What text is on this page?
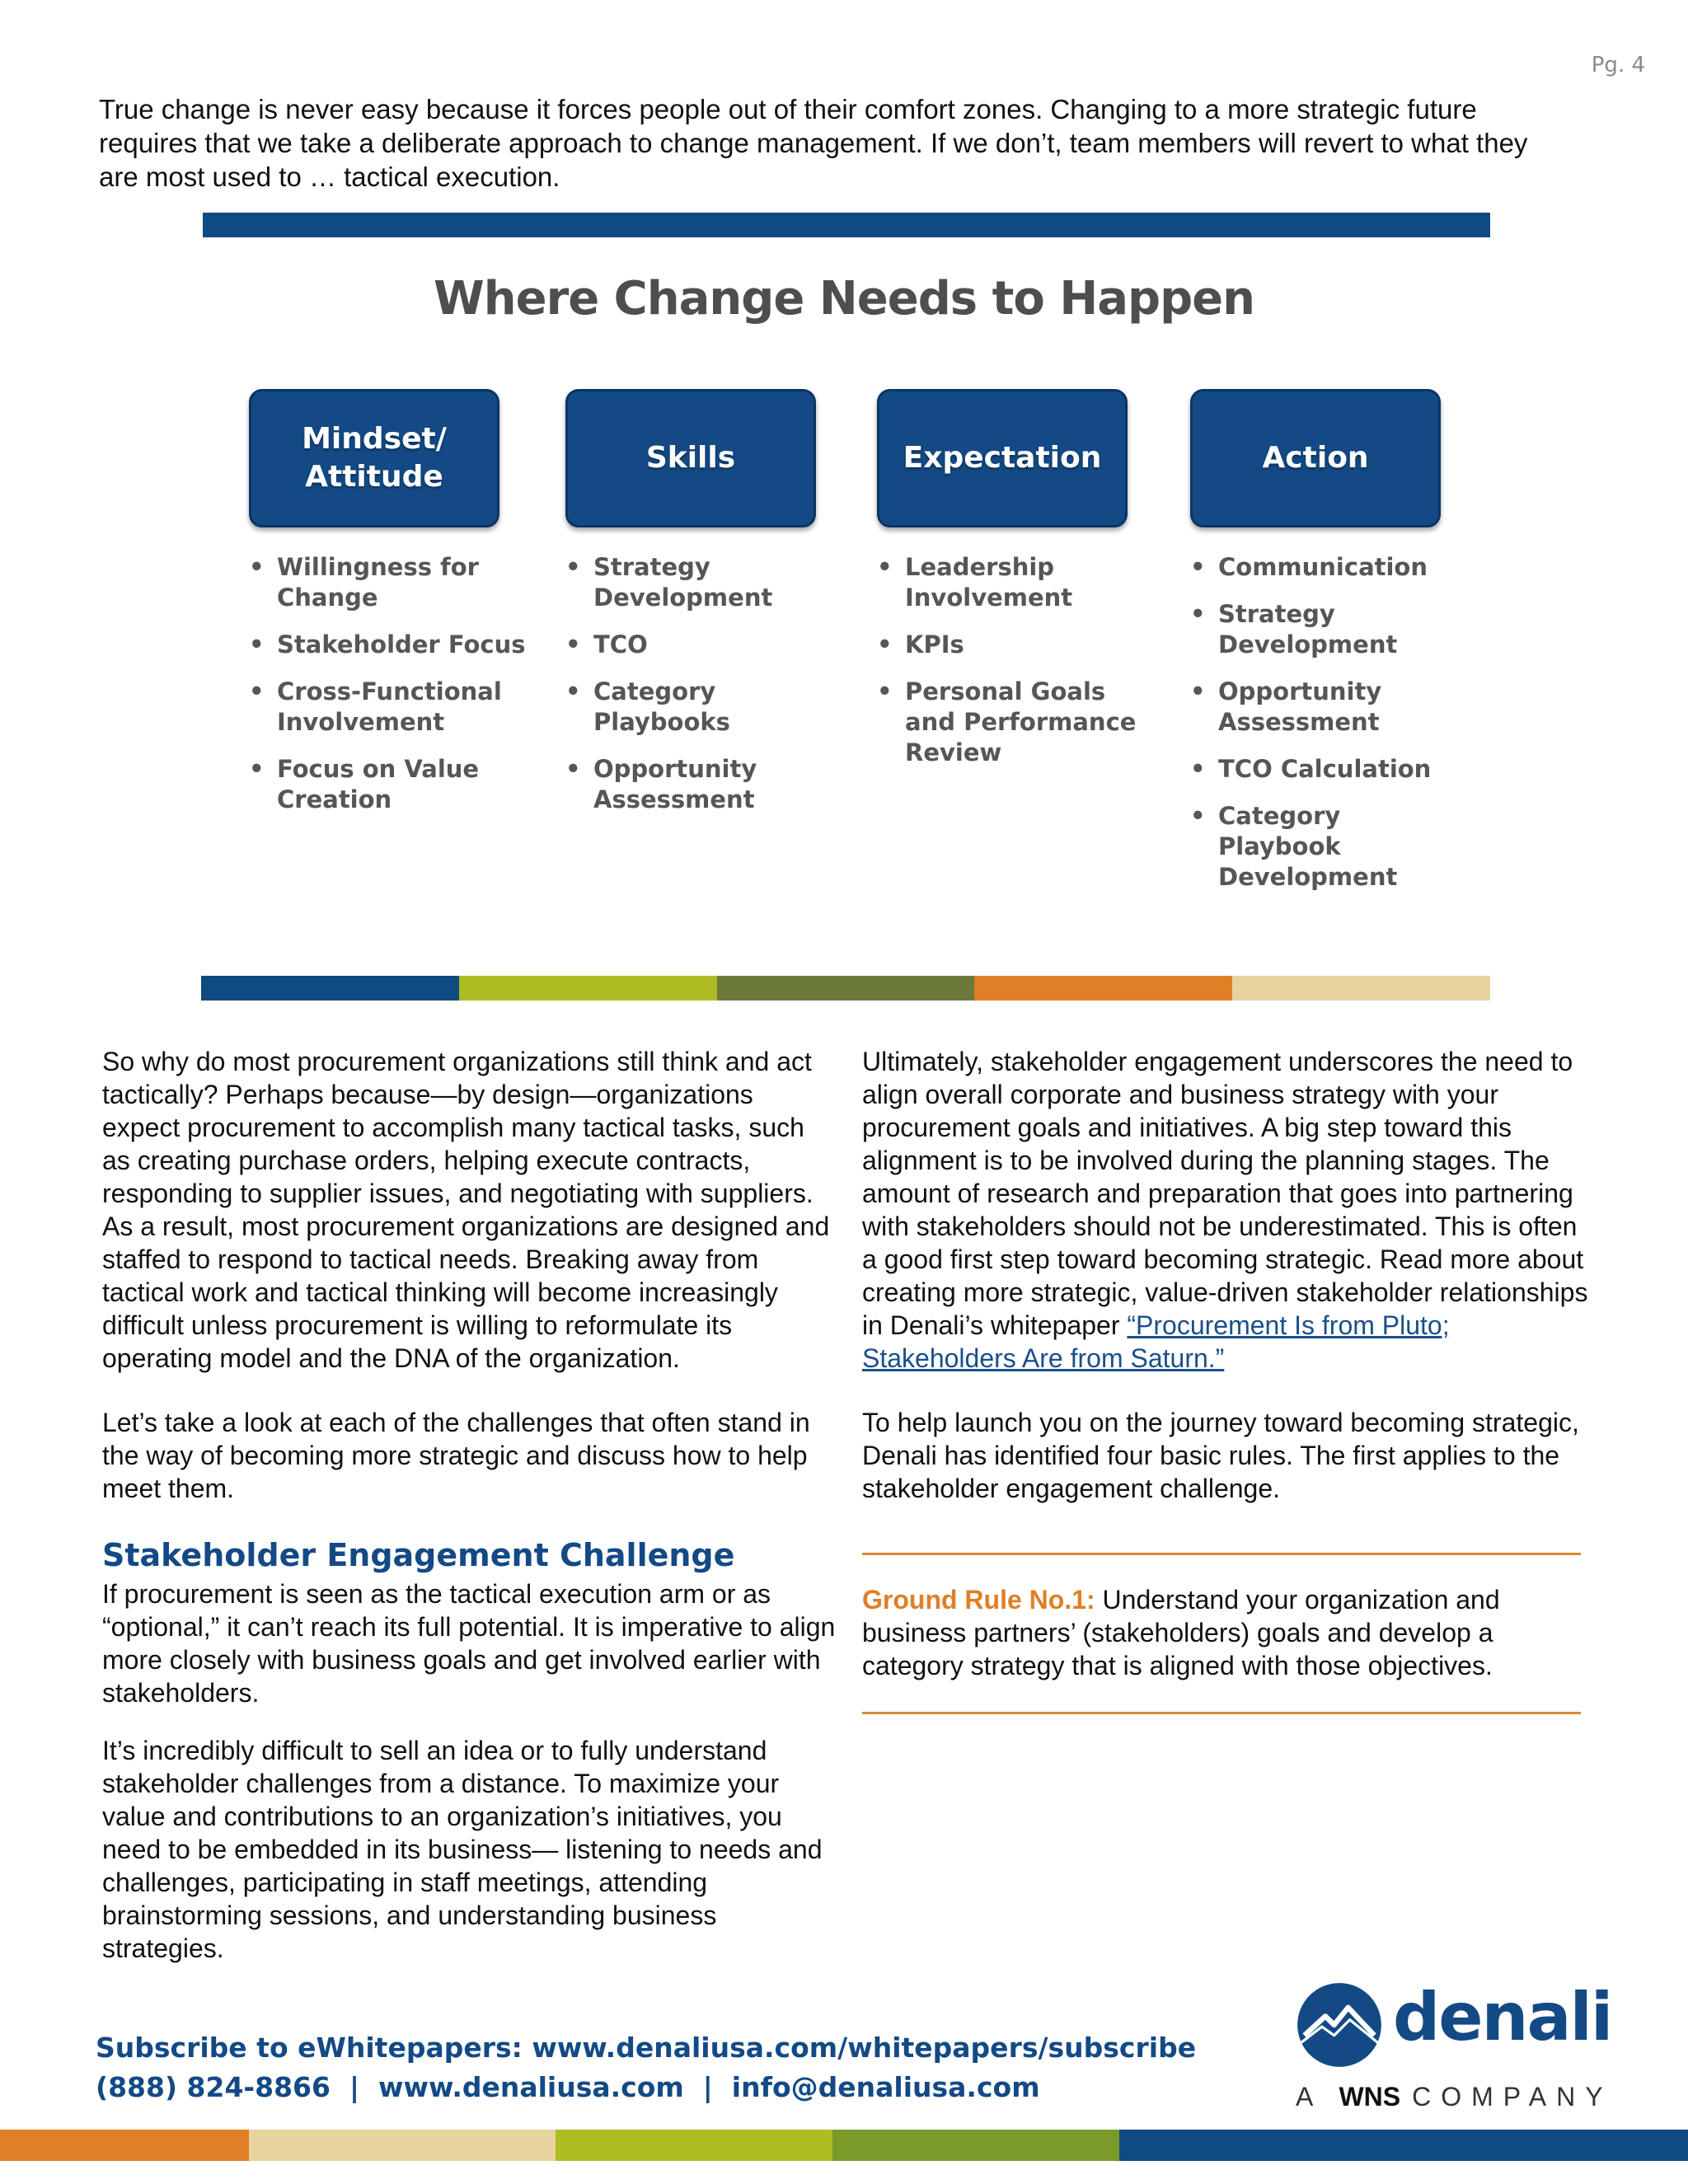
Pg. 4
True change is never easy because it forces people out of their comfort zones. Changing to a more strategic future requires that we take a deliberate approach to change management. If we don’t, team members will revert to what they are most used to … tactical execution.
Where Change Needs to Happen
Mindset/
Attitude
• Willingness for Change
• Stakeholder Focus
• Cross-Functional Involvement
• Focus on Value Creation
Skills
• Strategy Development
• TCO
• Category Playbooks
• Opportunity Assessment
Expectation
• Leadership Involvement
• KPIs
• Personal Goals and Performance Review
Action
• Communication
• Strategy Development
• Opportunity Assessment
• TCO Calculation
• Category Playbook Development

So why do most procurement organizations still think and act tactically? Perhaps because—by design—organizations expect procurement to accomplish many tactical tasks, such as creating purchase orders, helping execute contracts, responding to supplier issues, and negotiating with suppliers. As a result, most procurement organizations are designed and staffed to respond to tactical needs. Breaking away from tactical work and tactical thinking will become increasingly difficult unless procurement is willing to reformulate its operating model and the DNA of the organization.

Let’s take a look at each of the challenges that often stand in the way of becoming more strategic and discuss how to help meet them.

Stakeholder Engagement Challenge

If procurement is seen as the tactical execution arm or as “optional,” it can’t reach its full potential. It is imperative to align more closely with business goals and get involved earlier with stakeholders.

It’s incredibly difficult to sell an idea or to fully understand stakeholder challenges from a distance. To maximize your value and contributions to an organization’s initiatives, you need to be embedded in its business— listening to needs and challenges, participating in staff meetings, attending brainstorming sessions, and understanding business strategies.

Ultimately, stakeholder engagement underscores the need to align overall corporate and business strategy with your procurement goals and initiatives. A big step toward this alignment is to be involved during the planning stages. The amount of research and preparation that goes into partnering with stakeholders should not be underestimated. This is often a good first step toward becoming strategic. Read more about creating more strategic, value-driven stakeholder relationships in Denali’s whitepaper “Procurement Is from Pluto; Stakeholders Are from Saturn.”

To help launch you on the journey toward becoming strategic, Denali has identified four basic rules. The first applies to the stakeholder engagement challenge.

Ground Rule No.1: Understand your organization and business partners’ (stakeholders) goals and develop a category strategy that is aligned with those objectives.
Subscribe to eWhitepapers: www.denaliusa.com/whitepapers/subscribe
(888) 824-8866  |  www.denaliusa.com  |  info@denaliusa.com
denali
A WNS COMPANY
